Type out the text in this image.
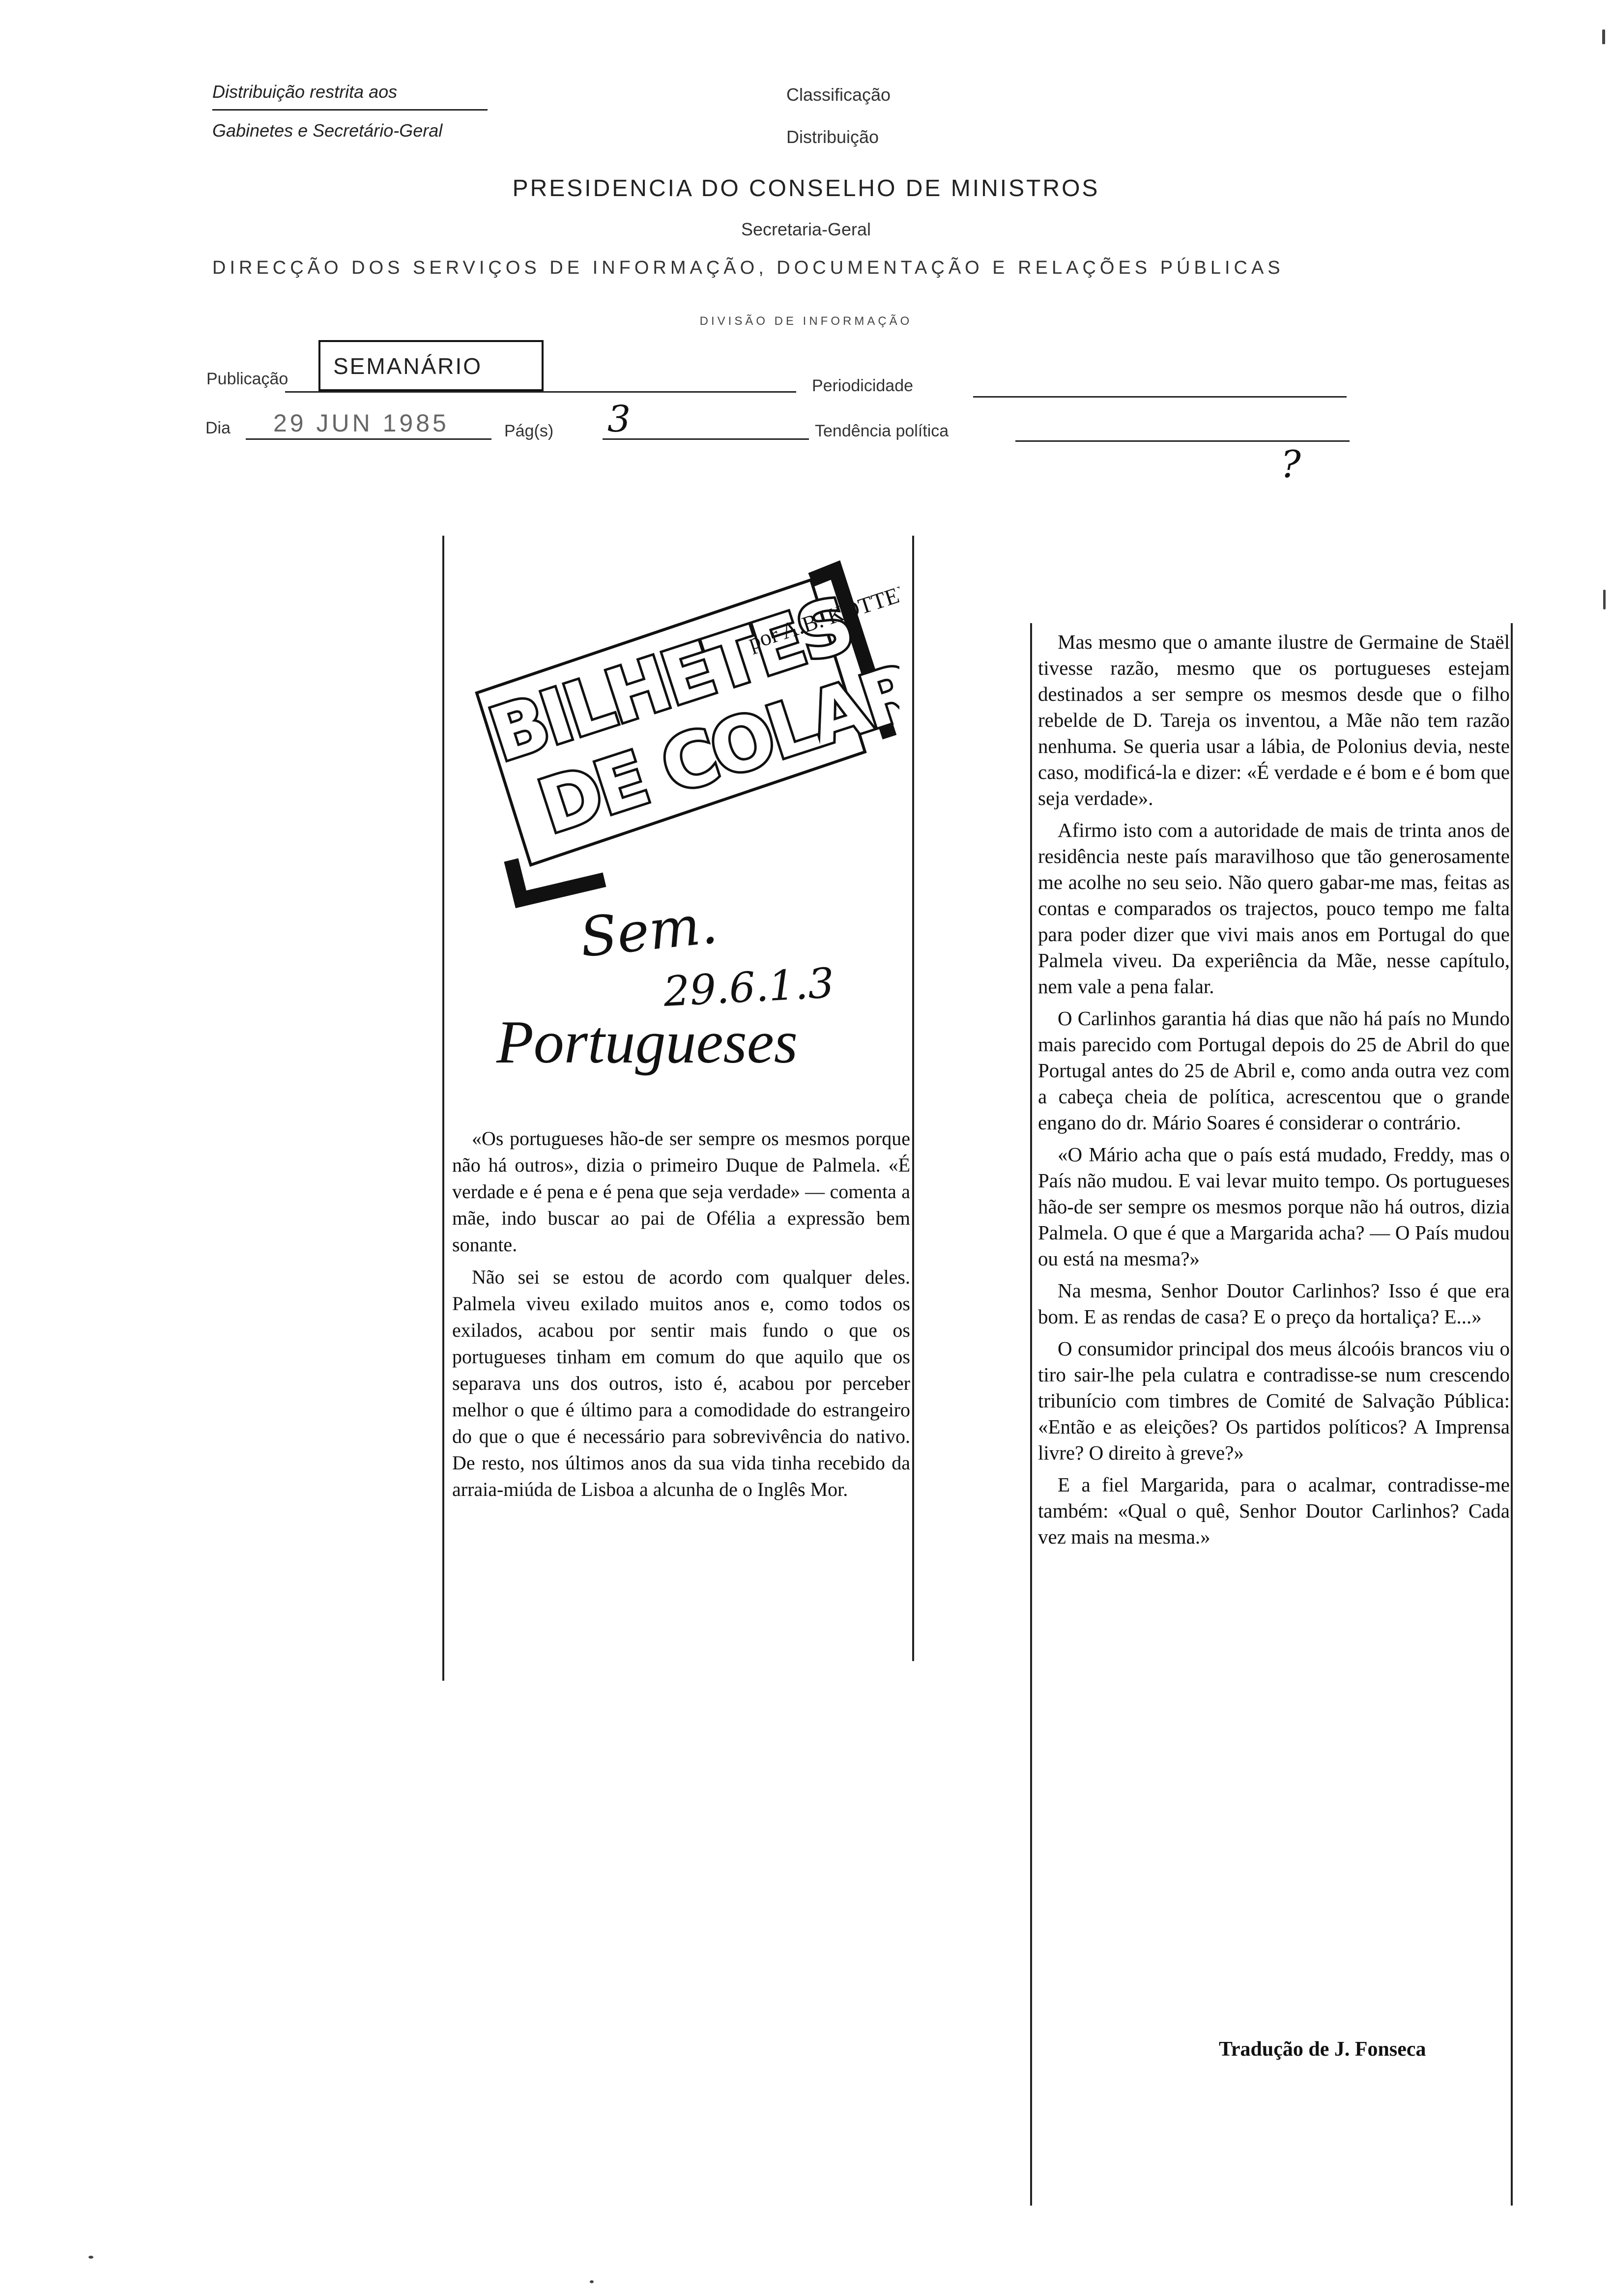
Distribuição restrita aos
Gabinetes e Secretário-Geral
Classificação
Distribuição
PRESIDENCIA DO CONSELHO DE MINISTROS
Secretaria-Geral
DIRECÇÃO DOS SERVIÇOS DE INFORMAÇÃO, DOCUMENTAÇÃO E RELAÇÕES PÚBLICAS
DIVISÃO DE INFORMAÇÃO
Publicação SEMANÁRIO
Periodicidade
Dia 29 JUN 1985	Pág(s) 3	Tendência política
?
BILHETES
DE COLARES
por A.B. KOTTER
Sem.
29.6.1.3
Portugueses

«Os portugueses hão-de ser sempre os mesmos porque não há outros», dizia o primeiro Duque de Palmela. «É verdade e é pena e é pena que seja verdade» — comenta a mãe, indo buscar ao pai de Ofélia a expressão bem sonante.

Não sei se estou de acordo com qualquer deles. Palmela viveu exilado muitos anos e, como todos os exilados, acabou por sentir mais fundo o que os portugueses tinham em comum do que aquilo que os separava uns dos outros, isto é, acabou por perceber melhor o que é último para a comodidade do estrangeiro do que o que é necessário para sobrevivência do nativo. De resto, nos últimos anos da sua vida tinha recebido da arraia-miúda de Lisboa a alcunha de o Inglês Mor.

Mas mesmo que o amante ilustre de Germaine de Staël tivesse razão, mesmo que os portugueses estejam destinados a ser sempre os mesmos desde que o filho rebelde de D. Tareja os inventou, a Mãe não tem razão nenhuma. Se queria usar a lábia, de Polonius devia, neste caso, modificá-la e dizer: «É verdade e é bom e é bom que seja verdade».

Afirmo isto com a autoridade de mais de trinta anos de residência neste país maravilhoso que tão generosamente me acolhe no seu seio. Não quero gabar-me mas, feitas as contas e comparados os trajectos, pouco tempo me falta para poder dizer que vivi mais anos em Portugal do que Palmela viveu. Da experiência da Mãe, nesse capítulo, nem vale a pena falar.

O Carlinhos garantia há dias que não há país no Mundo mais parecido com Portugal depois do 25 de Abril do que Portugal antes do 25 de Abril e, como anda outra vez com a cabeça cheia de política, acrescentou que o grande engano do dr. Mário Soares é considerar o contrário.

«O Mário acha que o país está mudado, Freddy, mas o País não mudou. E vai levar muito tempo. Os portugueses hão-de ser sempre os mesmos porque não há outros, dizia Palmela. O que é que a Margarida acha? — O País mudou ou está na mesma?»

Na mesma, Senhor Doutor Carlinhos? Isso é que era bom. E as rendas de casa? E o preço da hortaliça? E...»

O consumidor principal dos meus álcoóis brancos viu o tiro sair-lhe pela culatra e contradisse-se num crescendo tribunício com timbres de Comité de Salvação Pública: «Então e as eleições? Os partidos políticos? A Imprensa livre? O direito à greve?»

E a fiel Margarida, para o acalmar, contradisse-me também: «Qual o quê, Senhor Doutor Carlinhos? Cada vez mais na mesma.»

Tradução de J. Fonseca
